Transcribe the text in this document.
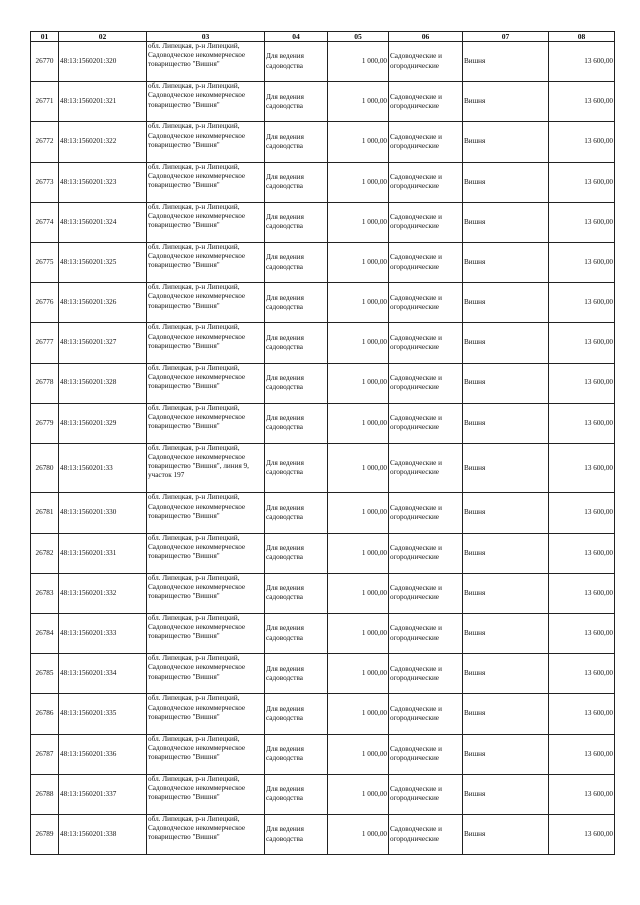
01	02	03	04	05	06	07	08
26770	48:13:1560201:320	обл. Липецкая, р-н Липецкий, Садоводческое некоммерческое товарищество "Вишня"	Для ведения садоводства	1 000,00	Садоводческие и огороднические	Вишня	13 600,00
26771	48:13:1560201:321	обл. Липецкая, р-н Липецкий, Садоводческое некоммерческое товарищество "Вишня"	Для ведения садоводства	1 000,00	Садоводческие и огороднические	Вишня	13 600,00
26772	48:13:1560201:322	обл. Липецкая, р-н Липецкий, Садоводческое некоммерческое товарищество "Вишня"	Для ведения садоводства	1 000,00	Садоводческие и огороднические	Вишня	13 600,00
26773	48:13:1560201:323	обл. Липецкая, р-н Липецкий, Садоводческое некоммерческое товарищество "Вишня"	Для ведения садоводства	1 000,00	Садоводческие и огороднические	Вишня	13 600,00
26774	48:13:1560201:324	обл. Липецкая, р-н Липецкий, Садоводческое некоммерческое товарищество "Вишня"	Для ведения садоводства	1 000,00	Садоводческие и огороднические	Вишня	13 600,00
26775	48:13:1560201:325	обл. Липецкая, р-н Липецкий, Садоводческое некоммерческое товарищество "Вишня"	Для ведения садоводства	1 000,00	Садоводческие и огороднические	Вишня	13 600,00
26776	48:13:1560201:326	обл. Липецкая, р-н Липецкий, Садоводческое некоммерческое товарищество "Вишня"	Для ведения садоводства	1 000,00	Садоводческие и огороднические	Вишня	13 600,00
26777	48:13:1560201:327	обл. Липецкая, р-н Липецкий, Садоводческое некоммерческое товарищество "Вишня"	Для ведения садоводства	1 000,00	Садоводческие и огороднические	Вишня	13 600,00
26778	48:13:1560201:328	обл. Липецкая, р-н Липецкий, Садоводческое некоммерческое товарищество "Вишня"	Для ведения садоводства	1 000,00	Садоводческие и огороднические	Вишня	13 600,00
26779	48:13:1560201:329	обл. Липецкая, р-н Липецкий, Садоводческое некоммерческое товарищество "Вишня"	Для ведения садоводства	1 000,00	Садоводческие и огороднические	Вишня	13 600,00
26780	48:13:1560201:33	обл. Липецкая, р-н Липецкий, Садоводческое некоммерческое товарищество "Вишня", линия 9, участок 197	Для ведения садоводства	1 000,00	Садоводческие и огороднические	Вишня	13 600,00
26781	48:13:1560201:330	обл. Липецкая, р-н Липецкий, Садоводческое некоммерческое товарищество "Вишня"	Для ведения садоводства	1 000,00	Садоводческие и огороднические	Вишня	13 600,00
26782	48:13:1560201:331	обл. Липецкая, р-н Липецкий, Садоводческое некоммерческое товарищество "Вишня"	Для ведения садоводства	1 000,00	Садоводческие и огороднические	Вишня	13 600,00
26783	48:13:1560201:332	обл. Липецкая, р-н Липецкий, Садоводческое некоммерческое товарищество "Вишня"	Для ведения садоводства	1 000,00	Садоводческие и огороднические	Вишня	13 600,00
26784	48:13:1560201:333	обл. Липецкая, р-н Липецкий, Садоводческое некоммерческое товарищество "Вишня"	Для ведения садоводства	1 000,00	Садоводческие и огороднические	Вишня	13 600,00
26785	48:13:1560201:334	обл. Липецкая, р-н Липецкий, Садоводческое некоммерческое товарищество "Вишня"	Для ведения садоводства	1 000,00	Садоводческие и огороднические	Вишня	13 600,00
26786	48:13:1560201:335	обл. Липецкая, р-н Липецкий, Садоводческое некоммерческое товарищество "Вишня"	Для ведения садоводства	1 000,00	Садоводческие и огороднические	Вишня	13 600,00
26787	48:13:1560201:336	обл. Липецкая, р-н Липецкий, Садоводческое некоммерческое товарищество "Вишня"	Для ведения садоводства	1 000,00	Садоводческие и огороднические	Вишня	13 600,00
26788	48:13:1560201:337	обл. Липецкая, р-н Липецкий, Садоводческое некоммерческое товарищество "Вишня"	Для ведения садоводства	1 000,00	Садоводческие и огороднические	Вишня	13 600,00
26789	48:13:1560201:338	обл. Липецкая, р-н Липецкий, Садоводческое некоммерческое товарищество "Вишня"	Для ведения садоводства	1 000,00	Садоводческие и огороднические	Вишня	13 600,00
